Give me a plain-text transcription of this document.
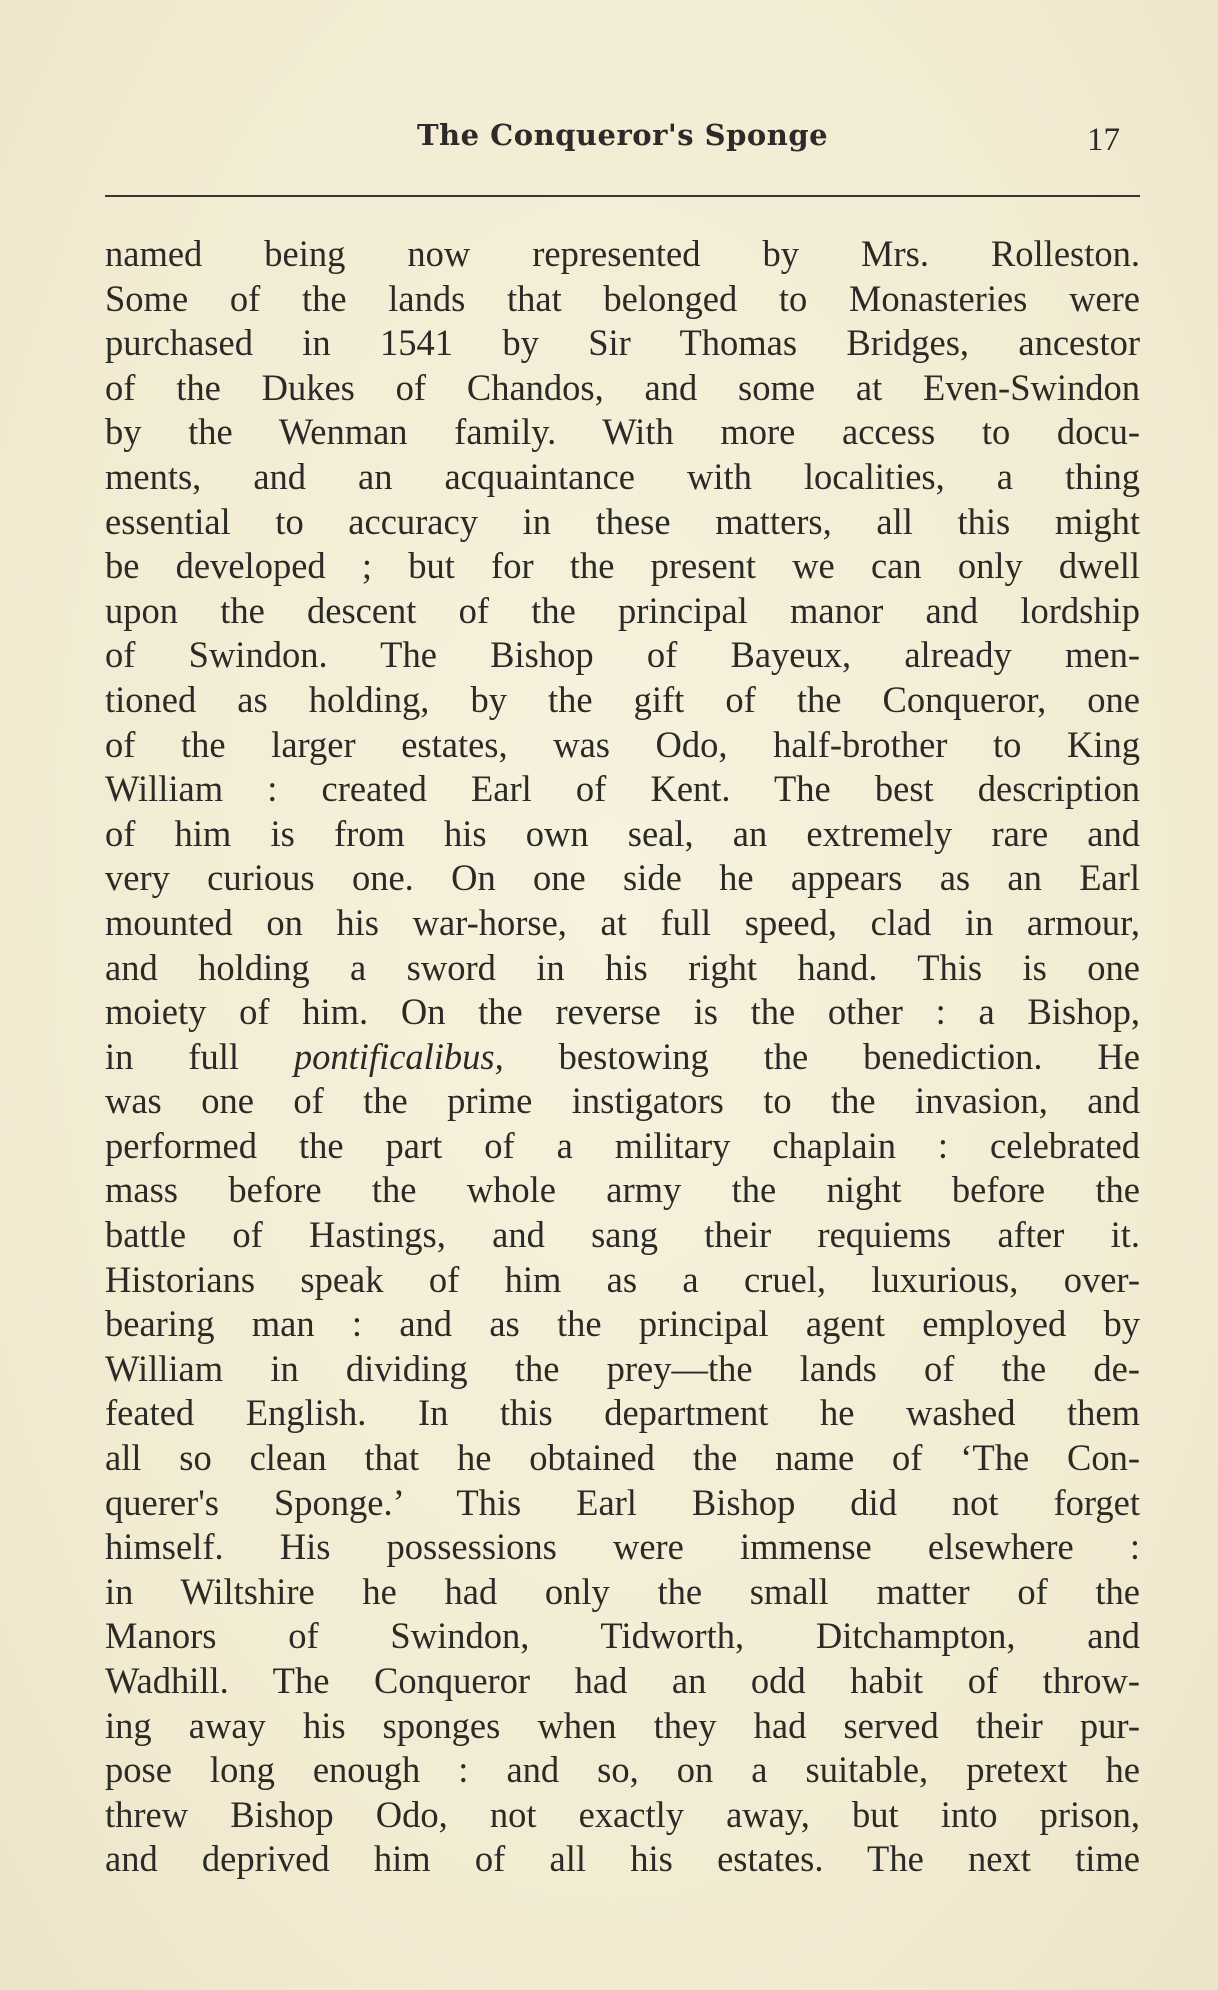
The Conqueror's Sponge	17
named being now represented by Mrs. Rolleston.
Some of the lands that belonged to Monasteries were
purchased in 1541 by Sir Thomas Bridges, ancestor
of the Dukes of Chandos, and some at Even-Swindon
by the Wenman family. With more access to docu-
ments, and an acquaintance with localities, a thing
essential to accuracy in these matters, all this might
be developed ; but for the present we can only dwell
upon the descent of the principal manor and lordship
of Swindon. The Bishop of Bayeux, already men-
tioned as holding, by the gift of the Conqueror, one
of the larger estates, was Odo, half-brother to King
William : created Earl of Kent. The best description
of him is from his own seal, an extremely rare and
very curious one. On one side he appears as an Earl
mounted on his war-horse, at full speed, clad in armour,
and holding a sword in his right hand. This is one
moiety of him. On the reverse is the other : a Bishop,
in full pontificalibus, bestowing the benediction. He
was one of the prime instigators to the invasion, and
performed the part of a military chaplain : celebrated
mass before the whole army the night before the
battle of Hastings, and sang their requiems after it.
Historians speak of him as a cruel, luxurious, over-
bearing man : and as the principal agent employed by
William in dividing the prey—the lands of the de-
feated English. In this department he washed them
all so clean that he obtained the name of ‘The Con-
querer's Sponge.’ This Earl Bishop did not forget
himself. His possessions were immense elsewhere :
in Wiltshire he had only the small matter of the
Manors of Swindon, Tidworth, Ditchampton, and
Wadhill. The Conqueror had an odd habit of throw-
ing away his sponges when they had served their pur-
pose long enough : and so, on a suitable, pretext he
threw Bishop Odo, not exactly away, but into prison,
and deprived him of all his estates. The next time
